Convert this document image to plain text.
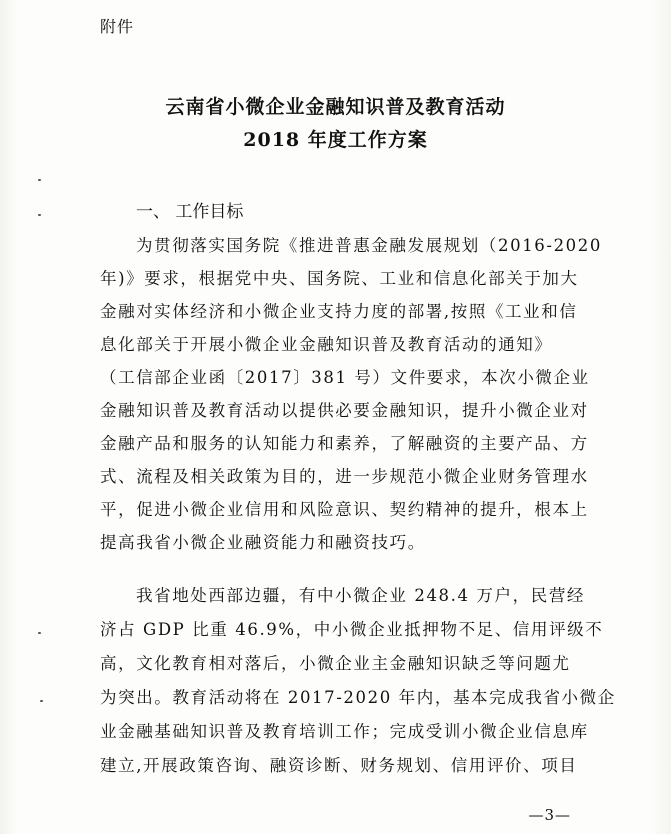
附件
云南省小微企业金融知识普及教育活动
2018 年度工作方案
一、 工作目标
为贯彻落实国务院《推进普惠金融发展规划（2016-2020
年)》要求，根据党中央、国务院、工业和信息化部关于加大
金融对实体经济和小微企业支持力度的部署,按照《工业和信
息化部关于开展小微企业金融知识普及教育活动的通知》
（工信部企业函〔2017〕381 号）文件要求，本次小微企业
金融知识普及教育活动以提供必要金融知识，提升小微企业对
金融产品和服务的认知能力和素养，了解融资的主要产品、方
式、流程及相关政策为目的，进一步规范小微企业财务管理水
平，促进小微企业信用和风险意识、契约精神的提升，根本上
提高我省小微企业融资能力和融资技巧。
我省地处西部边疆，有中小微企业 248.4 万户，民营经
济占 GDP 比重 46.9%，中小微企业抵押物不足、信用评级不
高，文化教育相对落后，小微企业主金融知识缺乏等问题尤
为突出。教育活动将在 2017-2020 年内，基本完成我省小微企
业金融基础知识普及教育培训工作；完成受训小微企业信息库
建立,开展政策咨询、融资诊断、财务规划、信用评价、项目
—3—
